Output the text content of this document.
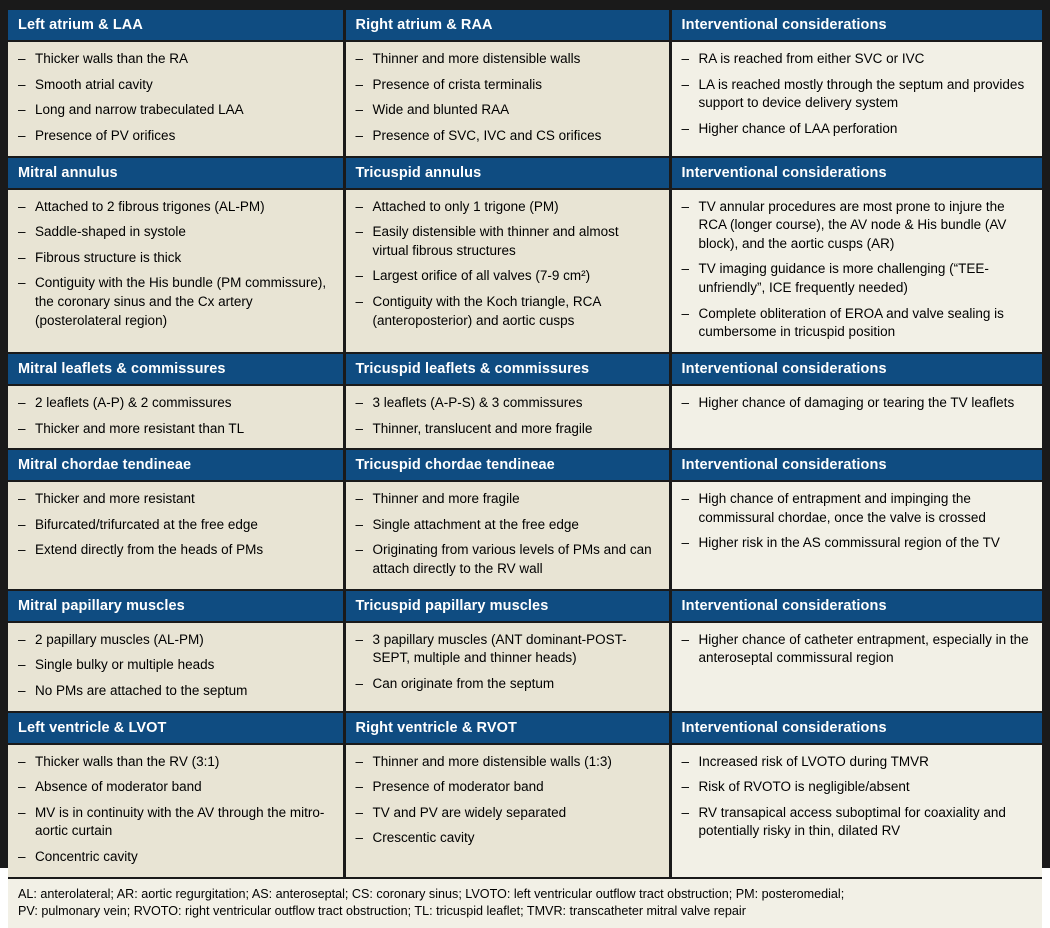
Left atrium & LAA	Right atrium & RAA	Interventional considerations

– Thicker walls than the RA
– Smooth atrial cavity
– Long and narrow trabeculated LAA
– Presence of PV orifices

– Thinner and more distensible walls
– Presence of crista terminalis
– Wide and blunted RAA
– Presence of SVC, IVC and CS orifices

– RA is reached from either SVC or IVC
– LA is reached mostly through the septum and provides support to device delivery system
– Higher chance of LAA perforation

Mitral annulus	Tricuspid annulus	Interventional considerations

– Attached to 2 fibrous trigones (AL-PM)
– Saddle-shaped in systole
– Fibrous structure is thick
– Contiguity with the His bundle (PM commissure), the coronary sinus and the Cx artery (posterolateral region)

– Attached to only 1 trigone (PM)
– Easily distensible with thinner and almost virtual fibrous structures
– Largest orifice of all valves (7-9 cm²)
– Contiguity with the Koch triangle, RCA (anteroposterior) and aortic cusps

– TV annular procedures are most prone to injure the RCA (longer course), the AV node & His bundle (AV block), and the aortic cusps (AR)
– TV imaging guidance is more challenging (“TEE-unfriendly”, ICE frequently needed)
– Complete obliteration of EROA and valve sealing is cumbersome in tricuspid position

Mitral leaflets & commissures	Tricuspid leaflets & commissures	Interventional considerations

– 2 leaflets (A-P) & 2 commissures
– Thicker and more resistant than TL

– 3 leaflets (A-P-S) & 3 commissures
– Thinner, translucent and more fragile

– Higher chance of damaging or tearing the TV leaflets

Mitral chordae tendineae	Tricuspid chordae tendineae	Interventional considerations

– Thicker and more resistant
– Bifurcated/trifurcated at the free edge
– Extend directly from the heads of PMs

– Thinner and more fragile
– Single attachment at the free edge
– Originating from various levels of PMs and can attach directly to the RV wall

– High chance of entrapment and impinging the commissural chordae, once the valve is crossed
– Higher risk in the AS commissural region of the TV

Mitral papillary muscles	Tricuspid papillary muscles	Interventional considerations

– 2 papillary muscles (AL-PM)
– Single bulky or multiple heads
– No PMs are attached to the septum

– 3 papillary muscles (ANT dominant-POST-SEPT, multiple and thinner heads)
– Can originate from the septum

– Higher chance of catheter entrapment, especially in the anteroseptal commissural region

Left ventricle & LVOT	Right ventricle & RVOT	Interventional considerations

– Thicker walls than the RV (3:1)
– Absence of moderator band
– MV is in continuity with the AV through the mitro-aortic curtain
– Concentric cavity

– Thinner and more distensible walls (1:3)
– Presence of moderator band
– TV and PV are widely separated
– Crescentic cavity

– Increased risk of LVOTO during TMVR
– Risk of RVOTO is negligible/absent
– RV transapical access suboptimal for coaxiality and potentially risky in thin, dilated RV
AL: anterolateral; AR: aortic regurgitation; AS: anteroseptal; CS: coronary sinus; LVOTO: left ventricular outflow tract obstruction; PM: posteromedial;
PV: pulmonary vein; RVOTO: right ventricular outflow tract obstruction; TL: tricuspid leaflet; TMVR: transcatheter mitral valve repair
